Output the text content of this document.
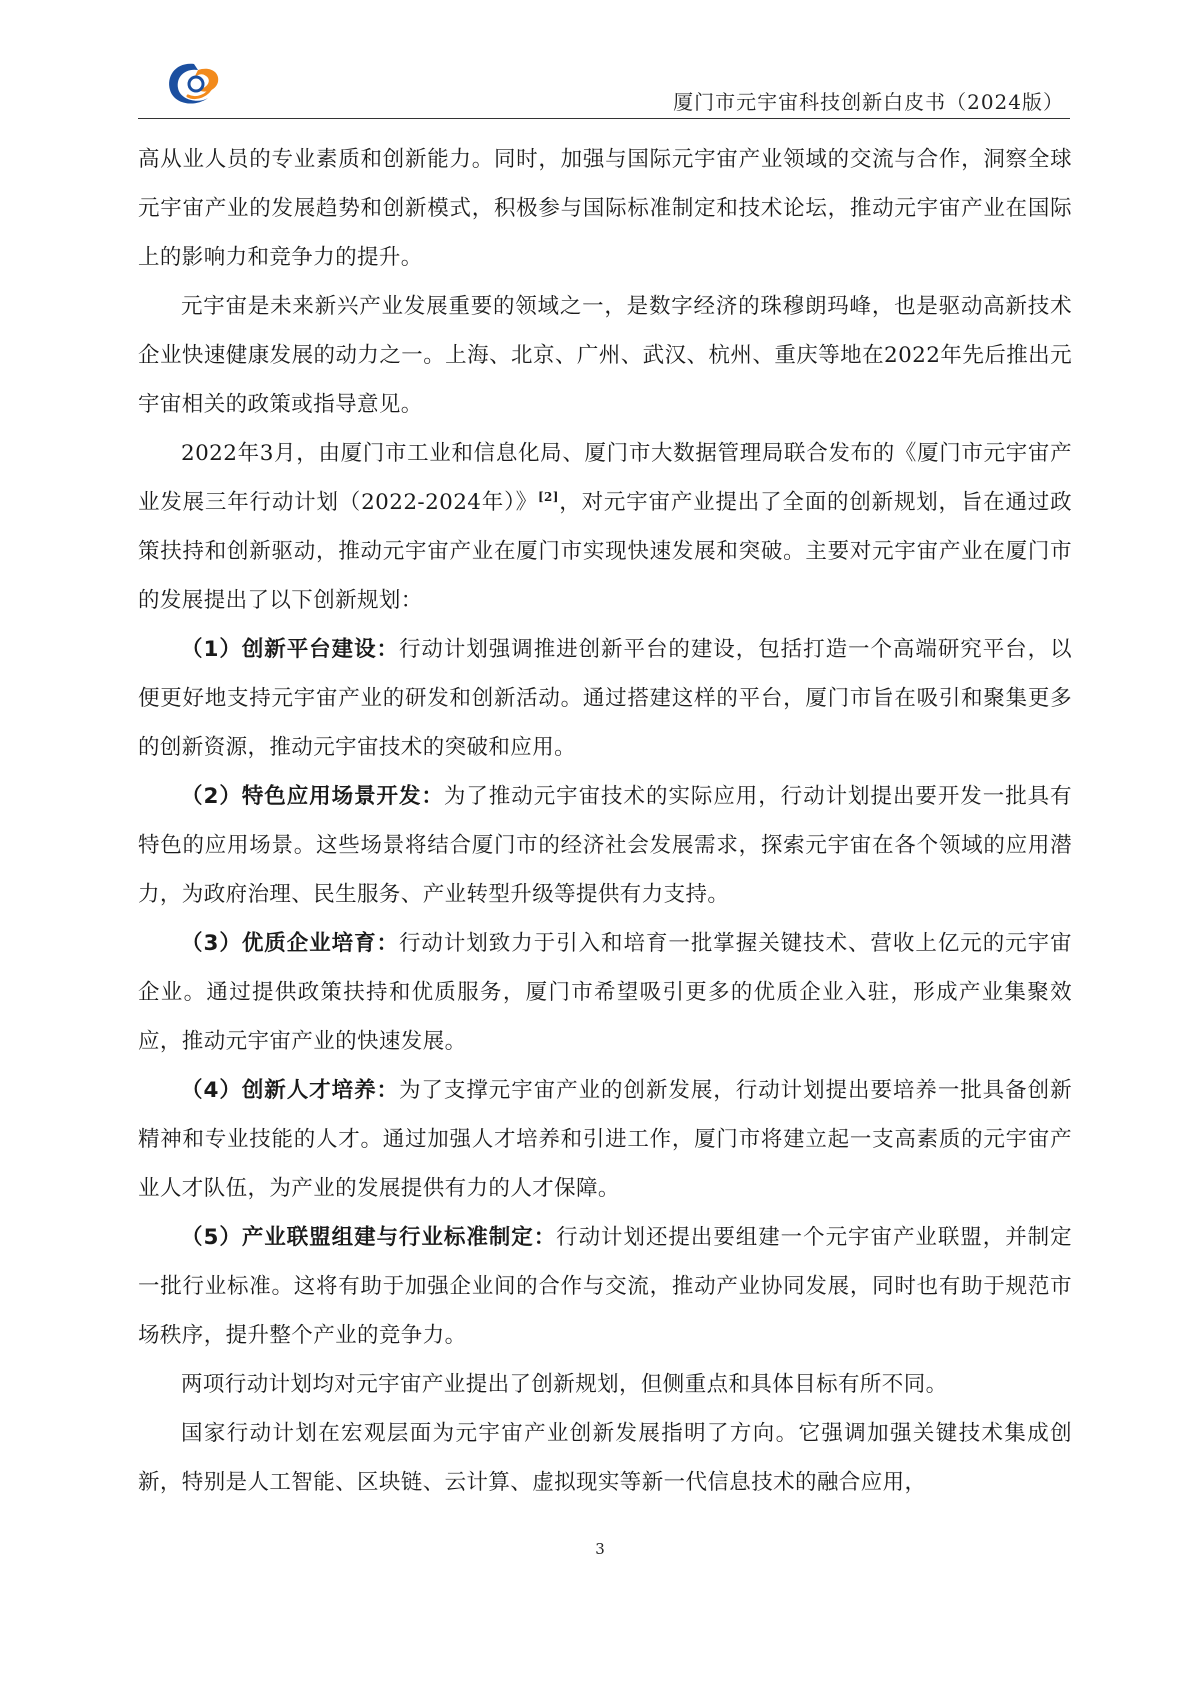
厦门市元宇宙科技创新白皮书（2024版）

高从业人员的专业素质和创新能力。同时，加强与国际元宇宙产业领域的交流与合作，洞察全球元宇宙产业的发展趋势和创新模式，积极参与国际标准制定和技术论坛，推动元宇宙产业在国际上的影响力和竞争力的提升。

元宇宙是未来新兴产业发展重要的领域之一，是数字经济的珠穆朗玛峰，也是驱动高新技术企业快速健康发展的动力之一。上海、北京、广州、武汉、杭州、重庆等地在2022年先后推出元宇宙相关的政策或指导意见。

2022年3月，由厦门市工业和信息化局、厦门市大数据管理局联合发布的《厦门市元宇宙产业发展三年行动计划（2022-2024年）》[2]，对元宇宙产业提出了全面的创新规划，旨在通过政策扶持和创新驱动，推动元宇宙产业在厦门市实现快速发展和突破。主要对元宇宙产业在厦门市的发展提出了以下创新规划：

（1）创新平台建设：行动计划强调推进创新平台的建设，包括打造一个高端研究平台，以便更好地支持元宇宙产业的研发和创新活动。通过搭建这样的平台，厦门市旨在吸引和聚集更多的创新资源，推动元宇宙技术的突破和应用。

（2）特色应用场景开发：为了推动元宇宙技术的实际应用，行动计划提出要开发一批具有特色的应用场景。这些场景将结合厦门市的经济社会发展需求，探索元宇宙在各个领域的应用潜力，为政府治理、民生服务、产业转型升级等提供有力支持。

（3）优质企业培育：行动计划致力于引入和培育一批掌握关键技术、营收上亿元的元宇宙企业。通过提供政策扶持和优质服务，厦门市希望吸引更多的优质企业入驻，形成产业集聚效应，推动元宇宙产业的快速发展。

（4）创新人才培养：为了支撑元宇宙产业的创新发展，行动计划提出要培养一批具备创新精神和专业技能的人才。通过加强人才培养和引进工作，厦门市将建立起一支高素质的元宇宙产业人才队伍，为产业的发展提供有力的人才保障。

（5）产业联盟组建与行业标准制定：行动计划还提出要组建一个元宇宙产业联盟，并制定一批行业标准。这将有助于加强企业间的合作与交流，推动产业协同发展，同时也有助于规范市场秩序，提升整个产业的竞争力。

两项行动计划均对元宇宙产业提出了创新规划，但侧重点和具体目标有所不同。

国家行动计划在宏观层面为元宇宙产业创新发展指明了方向。它强调加强关键技术集成创新，特别是人工智能、区块链、云计算、虚拟现实等新一代信息技术的融合应用，

3
